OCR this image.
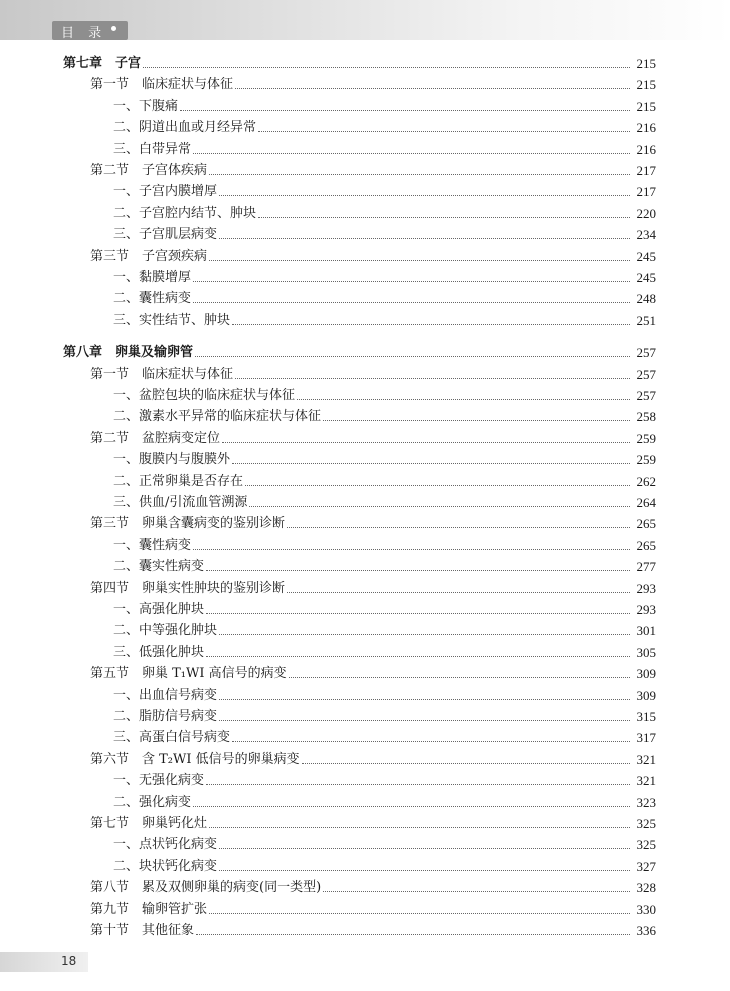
目 录
第七章　子宫	215
第一节　临床症状与体征	215
一、下腹痛	215
二、阴道出血或月经异常	216
三、白带异常	216
第二节　子宫体疾病	217
一、子宫内膜增厚	217
二、子宫腔内结节、肿块	220
三、子宫肌层病变	234
第三节　子宫颈疾病	245
一、黏膜增厚	245
二、囊性病变	248
三、实性结节、肿块	251
第八章　卵巢及输卵管	257
第一节　临床症状与体征	257
一、盆腔包块的临床症状与体征	257
二、激素水平异常的临床症状与体征	258
第二节　盆腔病变定位	259
一、腹膜内与腹膜外	259
二、正常卵巢是否存在	262
三、供血/引流血管溯源	264
第三节　卵巢含囊病变的鉴别诊断	265
一、囊性病变	265
二、囊实性病变	277
第四节　卵巢实性肿块的鉴别诊断	293
一、高强化肿块	293
二、中等强化肿块	301
三、低强化肿块	305
第五节　卵巢 T₁WI 高信号的病变	309
一、出血信号病变	309
二、脂肪信号病变	315
三、高蛋白信号病变	317
第六节　含 T₂WI 低信号的卵巢病变	321
一、无强化病变	321
二、强化病变	323
第七节　卵巢钙化灶	325
一、点状钙化病变	325
二、块状钙化病变	327
第八节　累及双侧卵巢的病变(同一类型)	328
第九节　输卵管扩张	330
第十节　其他征象	336
18
